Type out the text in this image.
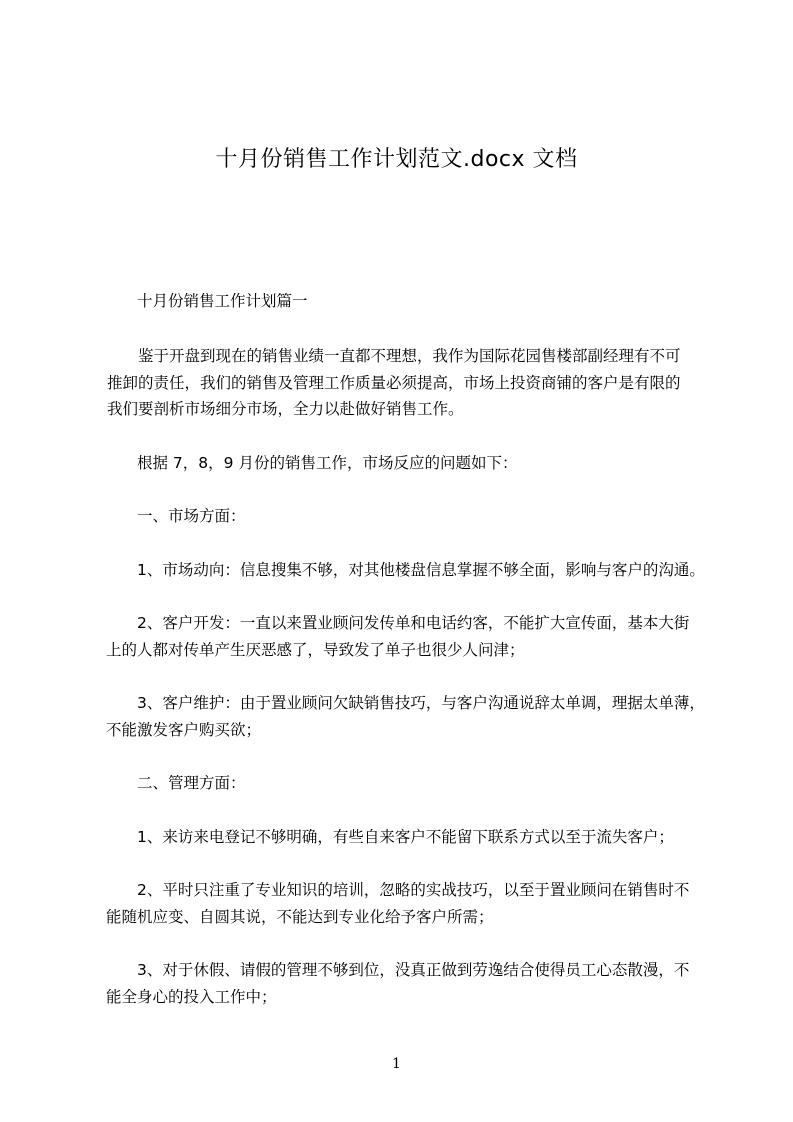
十月份销售工作计划范文.docx 文档
十月份销售工作计划篇一
鉴于开盘到现在的销售业绩一直都不理想，我作为国际花园售楼部副经理有不可
推卸的责任，我们的销售及管理工作质量必须提高，市场上投资商铺的客户是有限的
我们要剖析市场细分市场，全力以赴做好销售工作。
根据 7，8，9 月份的销售工作，市场反应的问题如下：
一、市场方面：
1、市场动向：信息搜集不够，对其他楼盘信息掌握不够全面，影响与客户的沟通。
2、客户开发：一直以来置业顾问发传单和电话约客，不能扩大宣传面，基本大街
上的人都对传单产生厌恶感了，导致发了单子也很少人问津；
3、客户维护：由于置业顾问欠缺销售技巧，与客户沟通说辞太单调，理据太单薄，
不能激发客户购买欲；
二、管理方面：
1、来访来电登记不够明确，有些自来客户不能留下联系方式以至于流失客户；
2、平时只注重了专业知识的培训，忽略的实战技巧，以至于置业顾问在销售时不
能随机应变、自圆其说，不能达到专业化给予客户所需；
3、对于休假、请假的管理不够到位，没真正做到劳逸结合使得员工心态散漫，不
能全身心的投入工作中；
1
